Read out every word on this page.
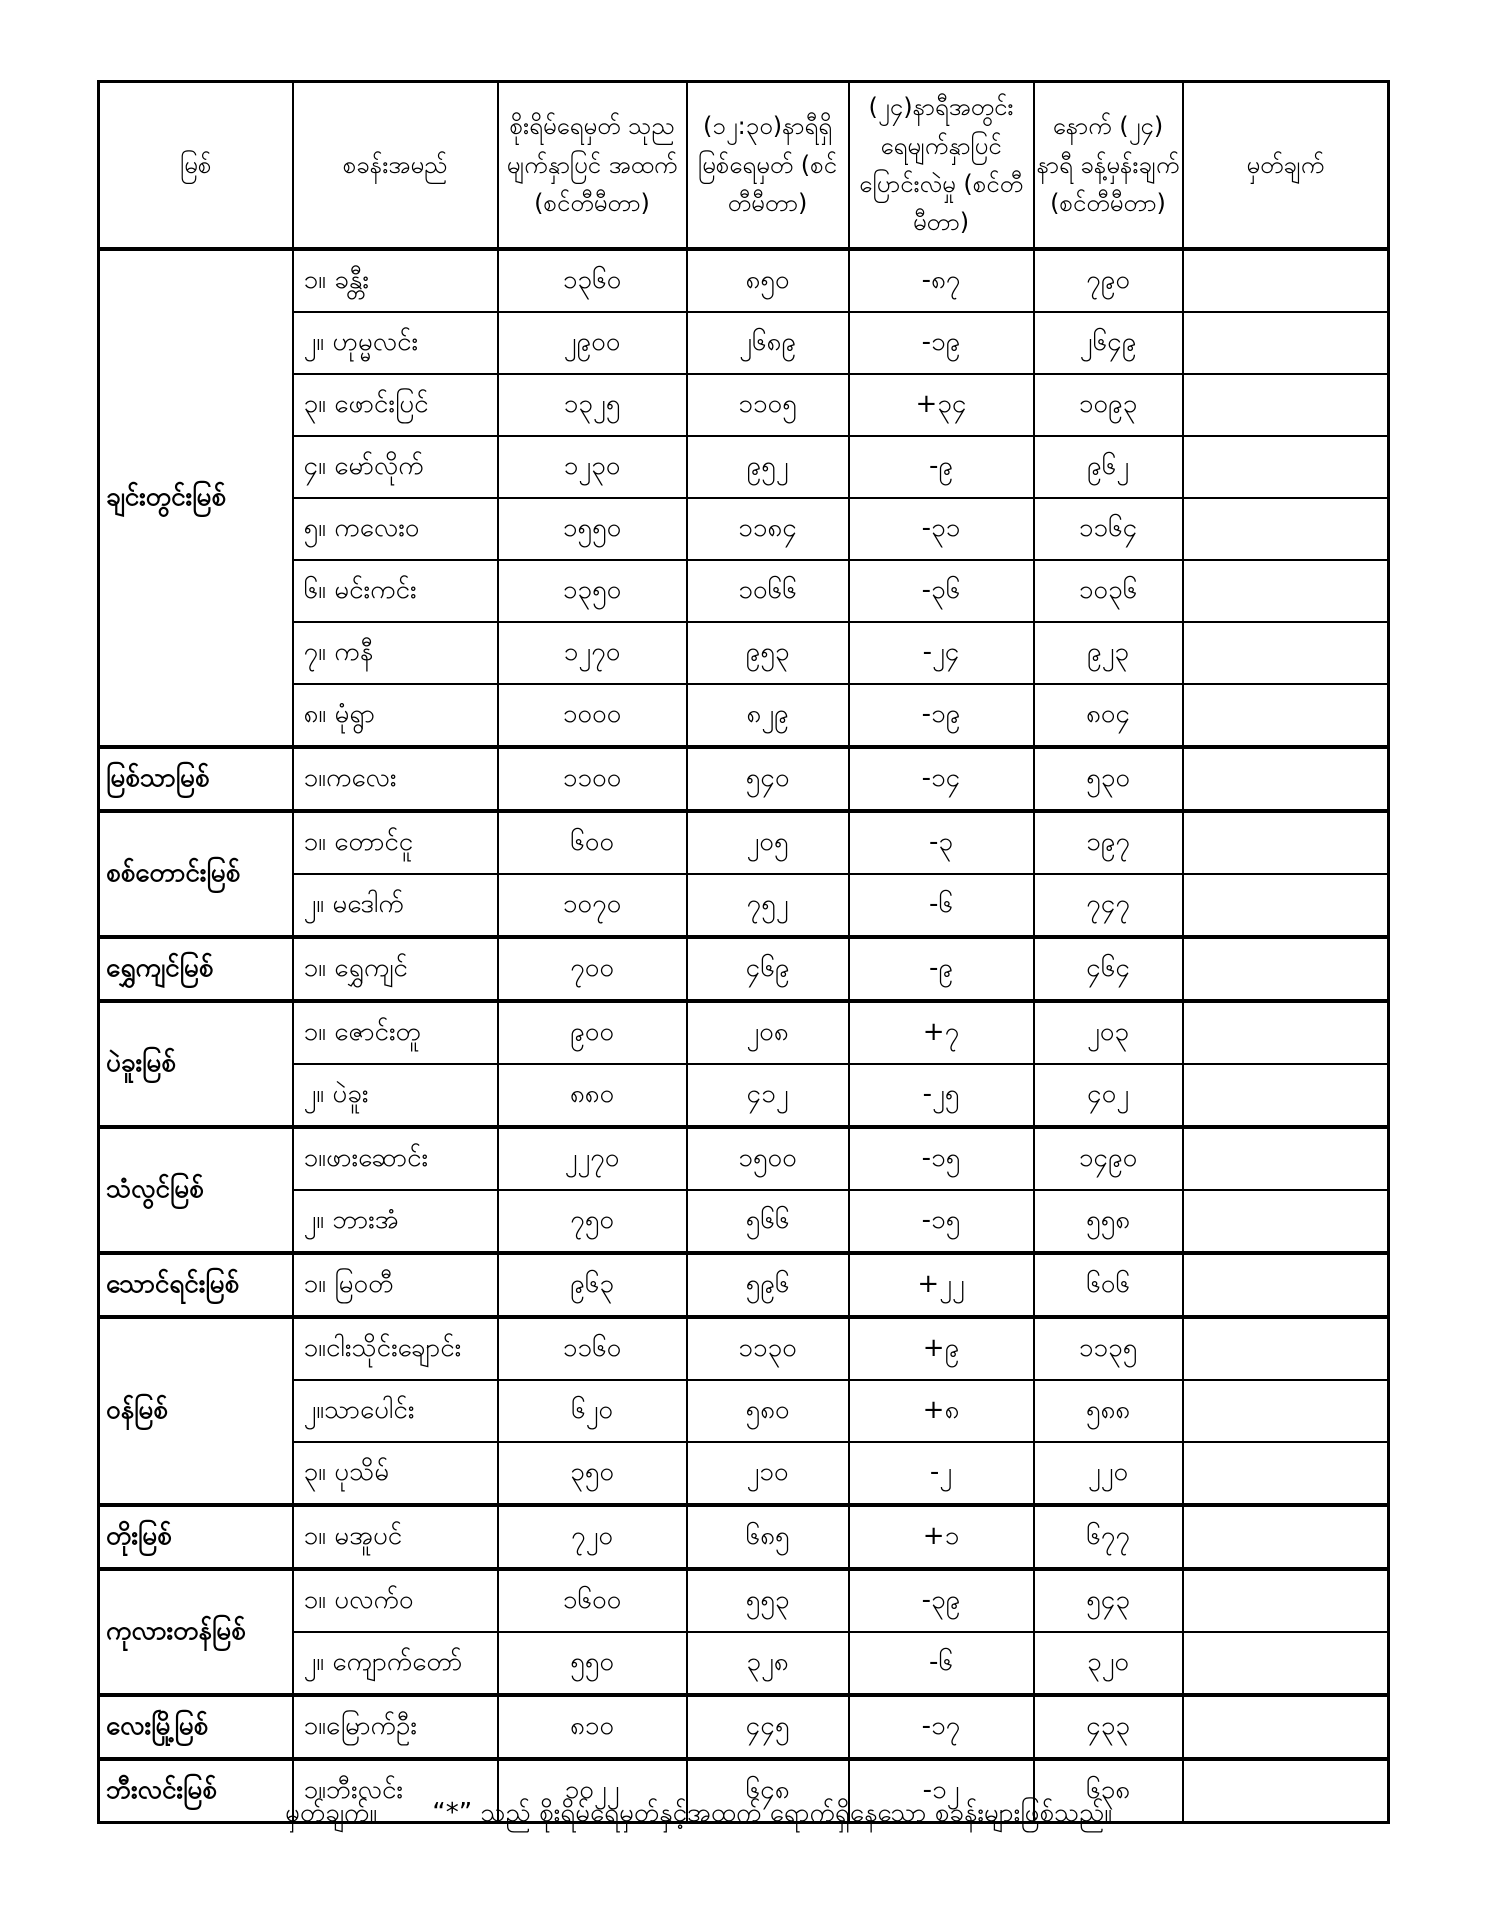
မြစ်	စခန်းအမည်	စိုးရိမ်ရေမှတ် သုညမျက်နှာပြင် အထက် (စင်တီမီတာ)	(၁၂:၃၀)နာရီရှိ မြစ်ရေမှတ် (စင်တီမီတာ)	(၂၄)နာရီအတွင်း ရေမျက်နှာပြင် ပြောင်းလဲမှု (စင်တီမီတာ)	နောက် (၂၄) နာရီ ခန့်မှန်းချက် (စင်တီမီတာ)	မှတ်ချက်
ချင်းတွင်းမြစ်	၁။ ခန္တီး	၁၃၆၀	၈၅၀	-၈၇	၇၉၀	
	၂။ ဟုမ္မလင်း	၂၉၀၀	၂၆၈၉	-၁၉	၂၆၄၉	
	၃။ ဖောင်းပြင်	၁၃၂၅	၁၁၀၅	+၃၄	၁၀၉၃	
	၄။ မော်လိုက်	၁၂၃၀	၉၅၂	-၉	၉၆၂	
	၅။ ကလေးဝ	၁၅၅၀	၁၁၈၄	-၃၁	၁၁၆၄	
	၆။ မင်းကင်း	၁၃၅၀	၁၀၆၆	-၃၆	၁၀၃၆	
	၇။ ကနီ	၁၂၇၀	၉၅၃	-၂၄	၉၂၃	
	၈။ မုံရွာ	၁၀၀၀	၈၂၉	-၁၉	၈၀၄	
မြစ်သာမြစ်	၁။ကလေး	၁၁၀၀	၅၄၀	-၁၄	၅၃၀	
စစ်တောင်းမြစ်	၁။ တောင်ငူ	၆၀၀	၂၀၅	-၃	၁၉၇	
	၂။ မဒေါက်	၁၀၇၀	၇၅၂	-၆	၇၄၇	
ရွှေကျင်မြစ်	၁။ ရွှေကျင်	၇၀၀	၄၆၉	-၉	၄၆၄	
ပဲခူးမြစ်	၁။ ဇောင်းတူ	၉၀၀	၂၀၈	+၇	၂၀၃	
	၂။ ပဲခူး	၈၈၀	၄၁၂	-၂၅	၄၀၂	
သံလွင်မြစ်	၁။ဖားဆောင်း	၂၂၇၀	၁၅၀၀	-၁၅	၁၄၉၀	
	၂။ ဘားအံ	၇၅၀	၅၆၆	-၁၅	၅၅၈	
သောင်ရင်းမြစ်	၁။ မြဝတီ	၉၆၃	၅၉၆	+၂၂	၆၀၆	
ဝန်မြစ်	၁။ငါးသိုင်းချောင်း	၁၁၆၀	၁၁၃၀	+၉	၁၁၃၅	
	၂။သာပေါင်း	၆၂၀	၅၈၀	+၈	၅၈၈	
	၃။ ပုသိမ်	၃၅၀	၂၁၀	-၂	၂၂၀	
တိုးမြစ်	၁။ မအူပင်	၇၂၀	၆၈၅	+၁	၆၇၇	
ကုလားတန်မြစ်	၁။ ပလက်ဝ	၁၆၀၀	၅၅၃	-၃၉	၅၄၃	
	၂။ ကျောက်တော်	၅၅၀	၃၂၈	-၆	၃၂၀	
လေးမြို့မြစ်	၁။မြောက်ဦး	၈၁၀	၄၄၅	-၁၇	၄၃၃	
ဘီးလင်းမြစ်	၁။ဘီးလင်း	၁၀၂၂	၆၄၈	-၁၂	၆၃၈	
မှတ်ချက်။ “*” သည် စိုးရိမ်ရေမှတ်နှင့်အထက် ရောက်ရှိနေသော စခန်းများဖြစ်သည်။
